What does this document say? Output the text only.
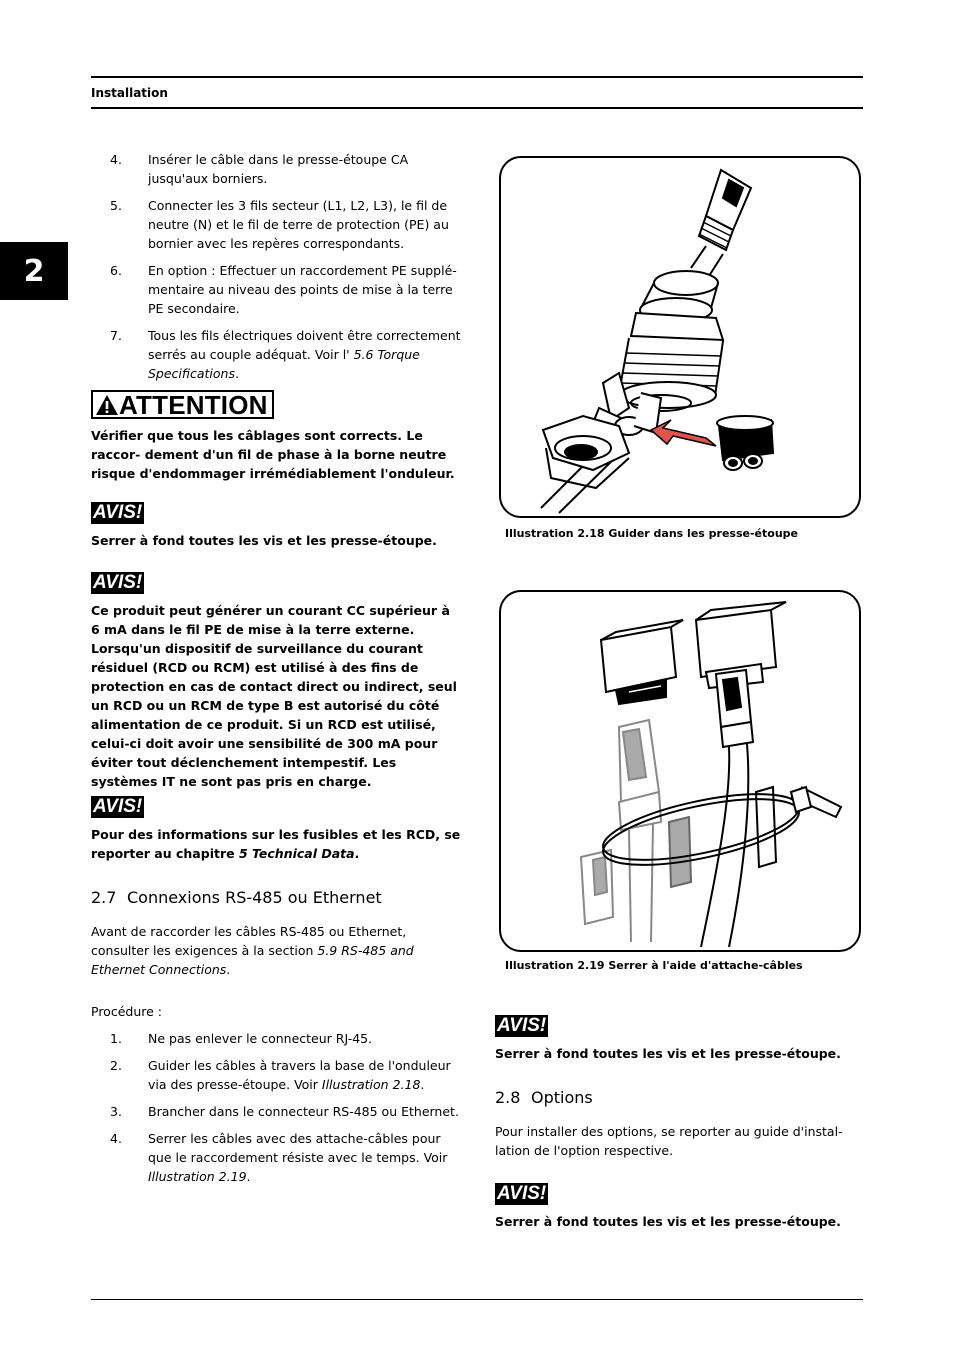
Installation
2
4. Insérer le câble dans le presse-étoupe CA jusqu'aux borniers.
5. Connecter les 3 fils secteur (L1, L2, L3), le fil de neutre (N) et le fil de terre de protection (PE) au bornier avec les repères correspondants.
6. En option : Effectuer un raccordement PE supplé- mentaire au niveau des points de mise à la terre PE secondaire.
7. Tous les fils électriques doivent être correctement serrés au couple adéquat. Voir l' 5.6 Torque Specifications.
ATTENTION
Vérifier que tous les câblages sont corrects. Le raccor- dement d'un fil de phase à la borne neutre risque d'endommager irrémédiablement l'onduleur.
AVIS!
Serrer à fond toutes les vis et les presse-étoupe.
AVIS!
Ce produit peut générer un courant CC supérieur à 6 mA dans le fil PE de mise à la terre externe. Lorsqu'un dispositif de surveillance du courant résiduel (RCD ou RCM) est utilisé à des fins de protection en cas de contact direct ou indirect, seul un RCD ou un RCM de type B est autorisé du côté alimentation de ce produit. Si un RCD est utilisé, celui-ci doit avoir une sensibilité de 300 mA pour éviter tout déclenchement intempestif. Les systèmes IT ne sont pas pris en charge.
AVIS!
Pour des informations sur les fusibles et les RCD, se reporter au chapitre 5 Technical Data.
2.7 Connexions RS-485 ou Ethernet
Avant de raccorder les câbles RS-485 ou Ethernet, consulter les exigences à la section 5.9 RS-485 and Ethernet Connections.
Procédure :
1. Ne pas enlever le connecteur RJ-45.
2. Guider les câbles à travers la base de l'onduleur via des presse-étoupe. Voir Illustration 2.18.
3. Brancher dans le connecteur RS-485 ou Ethernet.
4. Serrer les câbles avec des attache-câbles pour que le raccordement résiste avec le temps. Voir Illustration 2.19.
Illustration 2.18 Guider dans les presse-étoupe
Illustration 2.19 Serrer à l'aide d'attache-câbles
AVIS!
Serrer à fond toutes les vis et les presse-étoupe.
2.8 Options
Pour installer des options, se reporter au guide d'instal- lation de l'option respective.
AVIS!
Serrer à fond toutes les vis et les presse-étoupe.
